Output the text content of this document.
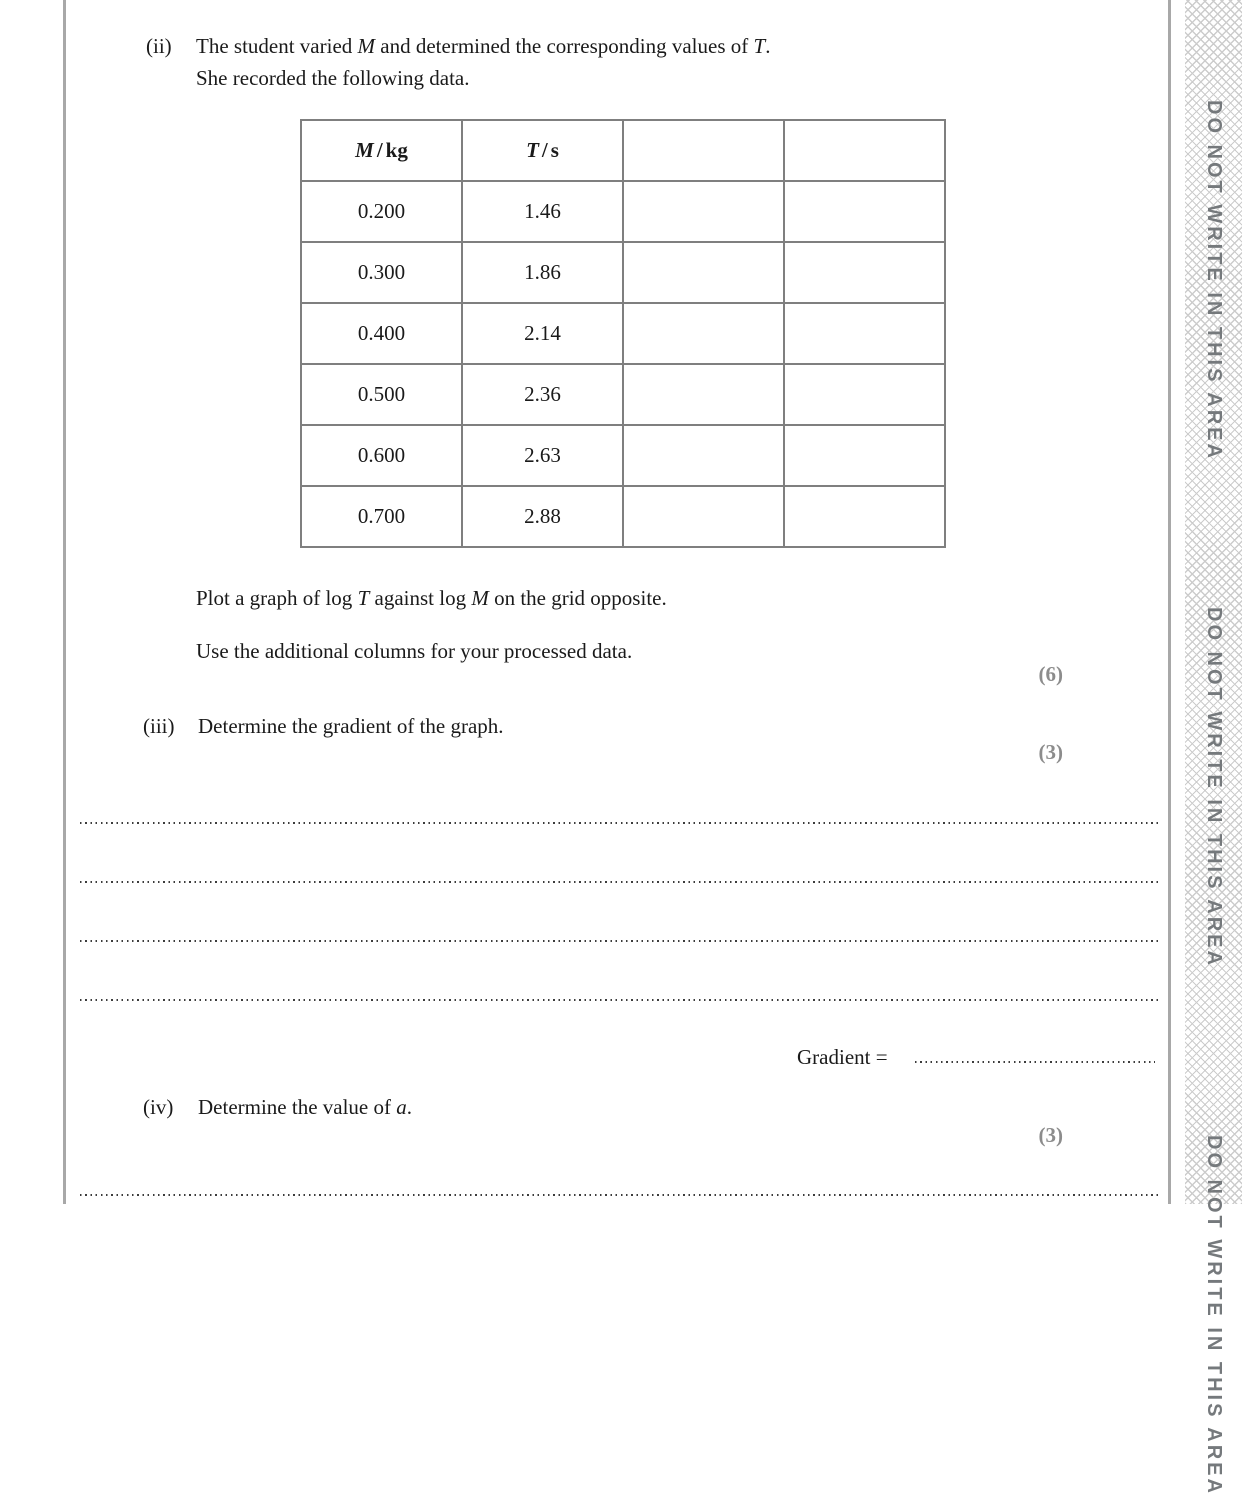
DO NOT WRITE IN THIS AREA
DO NOT WRITE IN THIS AREA
DO NOT WRITE IN THIS AREA
(ii) The student varied M and determined the corresponding values of T.
She recorded the following data.
M / kg	T / s		
0.200	1.46		
0.300	1.86		
0.400	2.14		
0.500	2.36		
0.600	2.63		
0.700	2.88		
Plot a graph of log T against log M on the grid opposite.
Use the additional columns for your processed data.
(6)
(iii) Determine the gradient of the graph.
(3)
Gradient =
(iv) Determine the value of a.
(3)
